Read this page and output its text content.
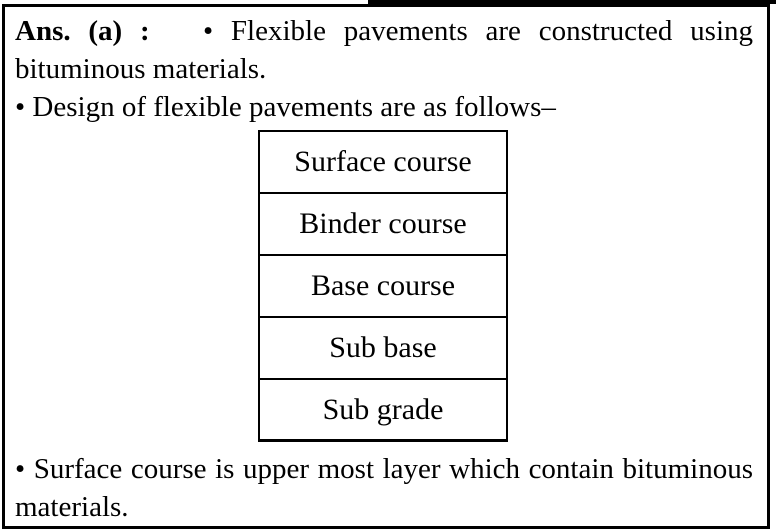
Ans. (a) : • Flexible pavements are constructed using bituminous materials.

• Design of flexible pavements are as follows–

Surface course
Binder course
Base course
Sub base
Sub grade

• Surface course is upper most layer which contain bituminous materials.
